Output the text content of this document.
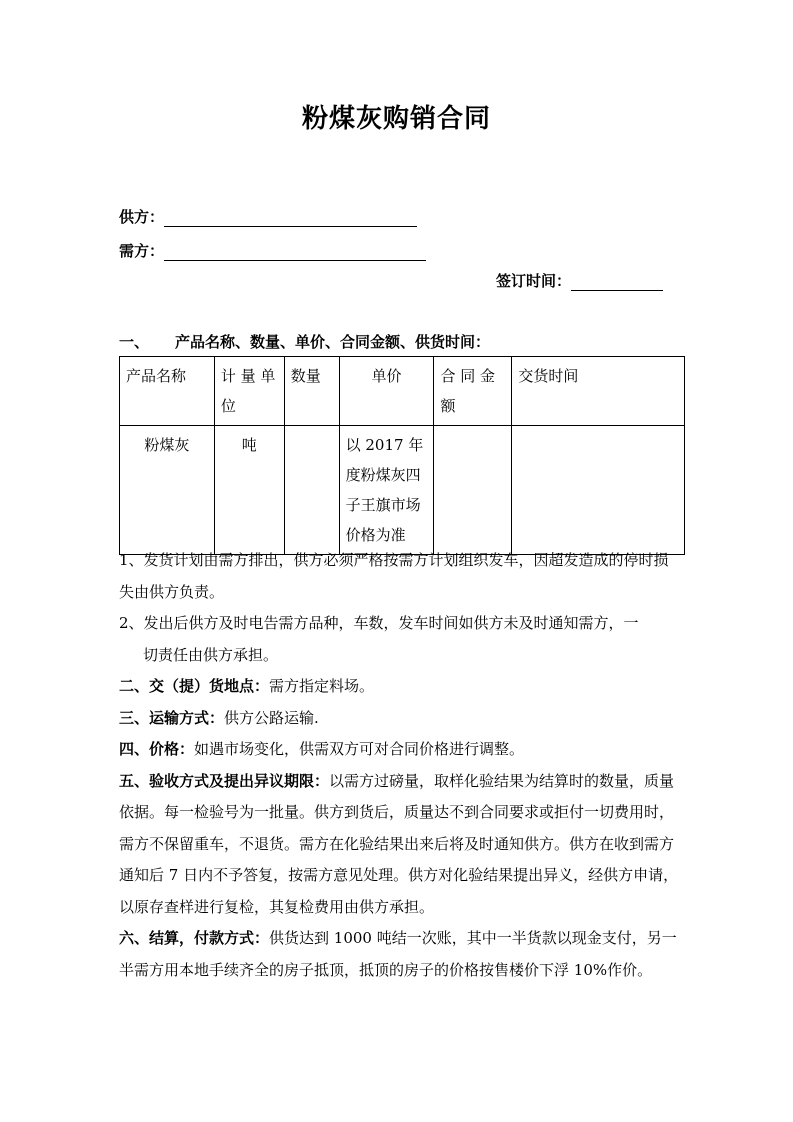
粉煤灰购销合同
供方：
需方：
签订时间：
一、 产品名称、数量、单价、合同金额、供货时间：
产品名称	计 量 单 位	数量	单价	合 同 金 额	交货时间
粉煤灰	吨		以 2017 年度粉煤灰四子王旗市场价格为准		

1、发货计划由需方排出，供方必须严格按需方计划组织发车，因超发造成的停时损失由供方负责。

2、发出后供方及时电告需方品种，车数，发车时间如供方未及时通知需方，一

切责任由供方承担。

二、交（提）货地点：需方指定料场。

三、运输方式：供方公路运输.

四、价格：如遇市场变化，供需双方可对合同价格进行调整。

五、验收方式及提出异议期限：以需方过磅量，取样化验结果为结算时的数量，质量依据。每一检验号为一批量。供方到货后，质量达不到合同要求或拒付一切费用时，需方不保留重车，不退货。需方在化验结果出来后将及时通知供方。供方在收到需方通知后 7 日内不予答复，按需方意见处理。供方对化验结果提出异义，经供方申请，以原存查样进行复检，其复检费用由供方承担。

六、结算，付款方式：供货达到 1000 吨结一次账，其中一半货款以现金支付，另一半需方用本地手续齐全的房子抵顶，抵顶的房子的价格按售楼价下浮 10%作价。
